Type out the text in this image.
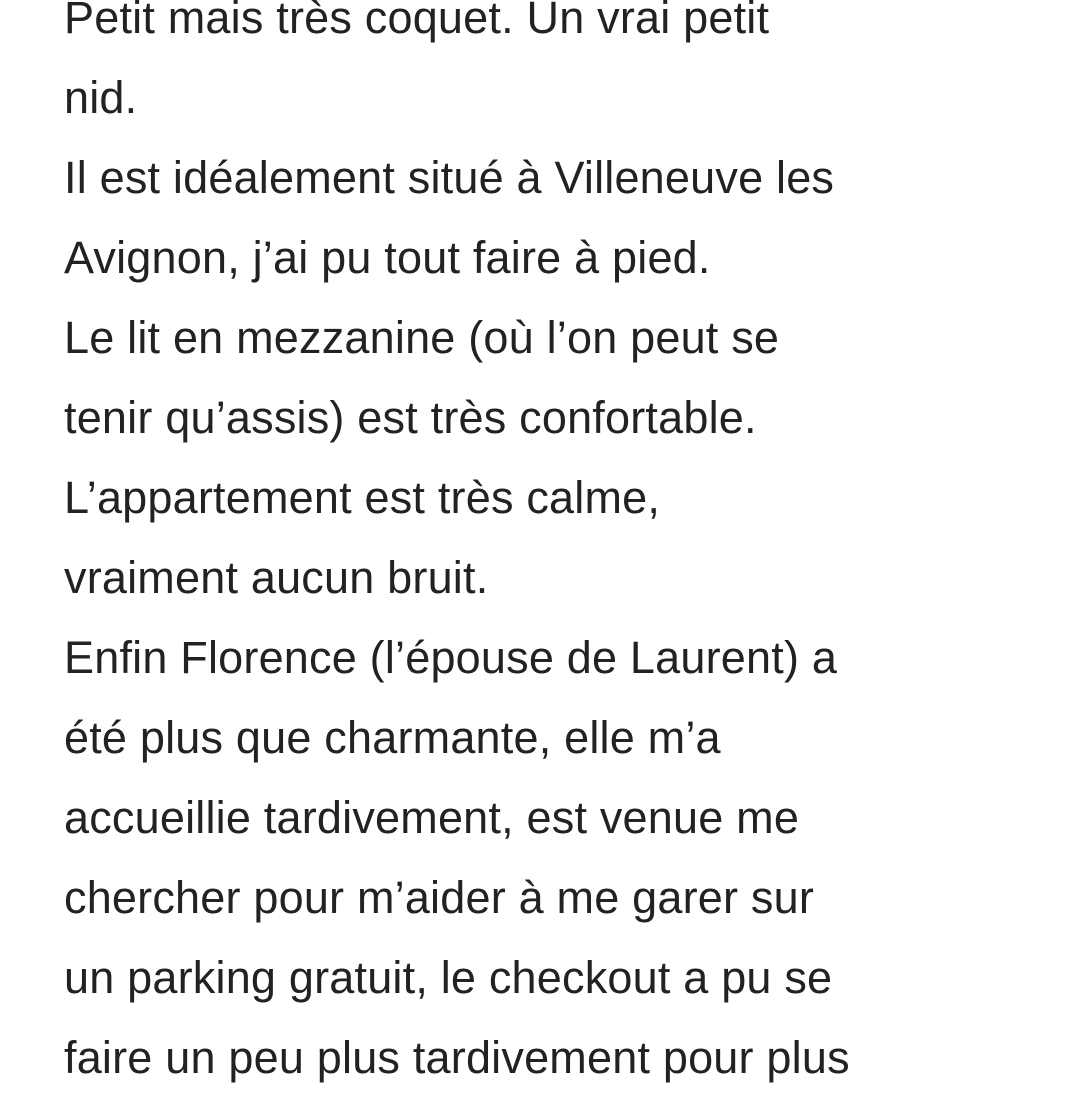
Petit mais très coquet. Un vrai petit
nid.
Il est idéalement situé à Villeneuve les
Avignon, j’ai pu tout faire à pied.
Le lit en mezzanine (où l’on peut se
tenir qu’assis) est très confortable.
L’appartement est très calme,
vraiment aucun bruit.
Enfin Florence (l’épouse de Laurent) a
été plus que charmante, elle m’a
accueillie tardivement, est venue me
chercher pour m’aider à me garer sur
un parking gratuit, le checkout a pu se
faire un peu plus tardivement pour plus
